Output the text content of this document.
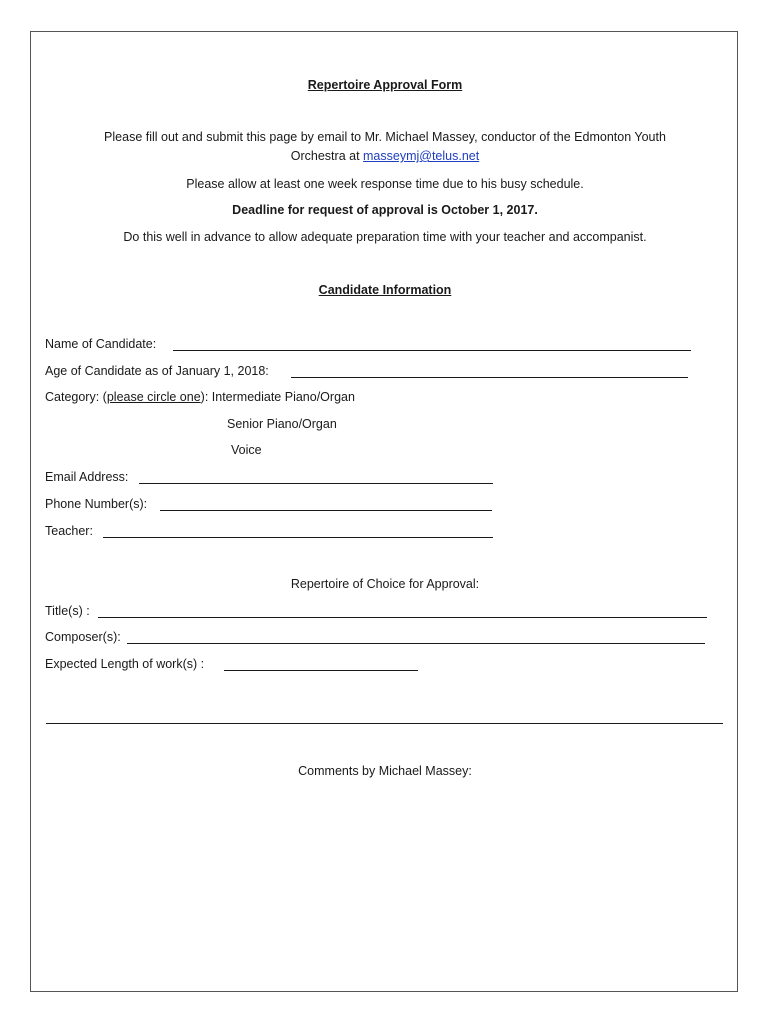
Repertoire Approval Form
Please fill out and submit this page by email to Mr. Michael Massey, conductor of the Edmonton Youth
Orchestra at masseymj@telus.net
Please allow at least one week response time due to his busy schedule.
Deadline for request of approval is October 1, 2017.
Do this well in advance to allow adequate preparation time with your teacher and accompanist.
Candidate Information
Name of Candidate:
Age of Candidate as of January 1, 2018:
Category: (please circle one): Intermediate Piano/Organ
Senior Piano/Organ
Voice
Email Address:
Phone Number(s):
Teacher:
Repertoire of Choice for Approval:
Title(s) :
Composer(s):
Expected Length of work(s) :
Comments by Michael Massey:
